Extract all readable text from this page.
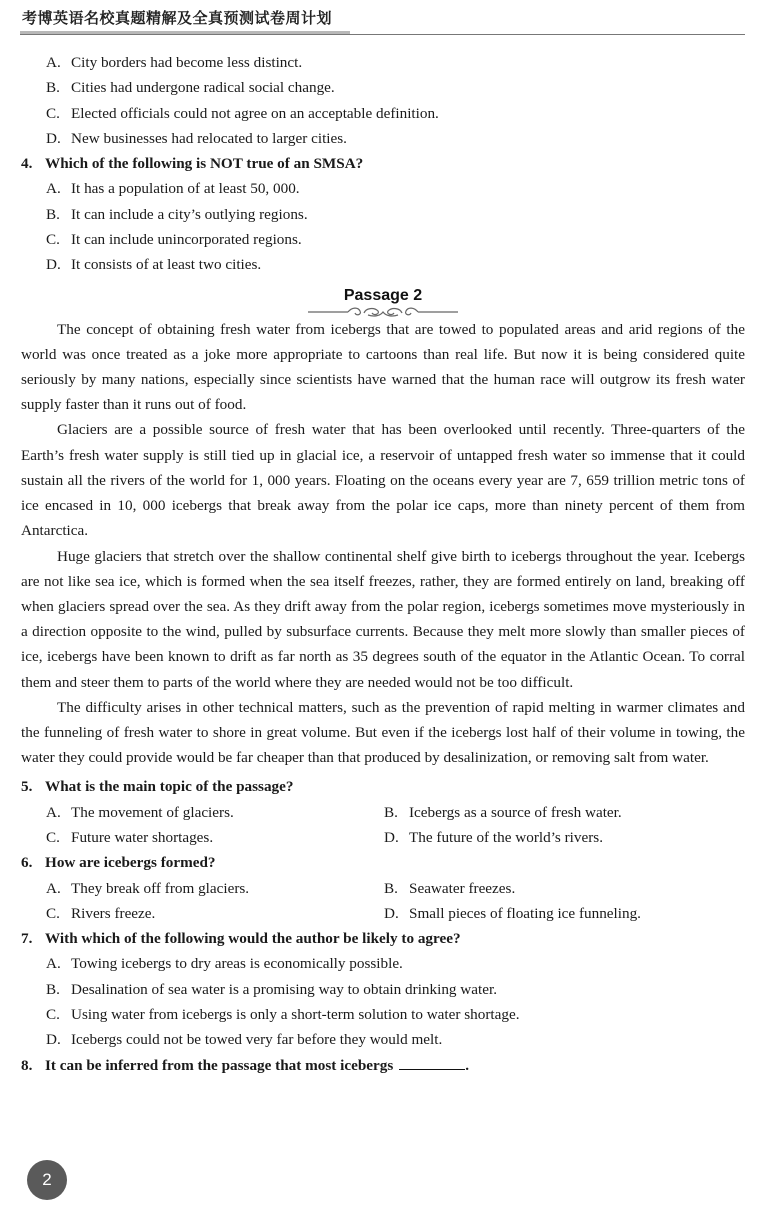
考博英语名校真题精解及全真预测试卷周计划
A. City borders had become less distinct.
B. Cities had undergone radical social change.
C. Elected officials could not agree on an acceptable definition.
D. New businesses had relocated to larger cities.
4. Which of the following is NOT true of an SMSA?
A. It has a population of at least 50, 000.
B. It can include a city’s outlying regions.
C. It can include unincorporated regions.
D. It consists of at least two cities.
Passage 2

The concept of obtaining fresh water from icebergs that are towed to populated areas and arid regions of the world was once treated as a joke more appropriate to cartoons than real life. But now it is being considered quite seriously by many nations, especially since scientists have warned that the human race will outgrow its fresh water supply faster than it runs out of food.

Glaciers are a possible source of fresh water that has been overlooked until recently. Three-quarters of the Earth’s fresh water supply is still tied up in glacial ice, a reservoir of untapped fresh water so immense that it could sustain all the rivers of the world for 1, 000 years. Floating on the oceans every year are 7, 659 trillion metric tons of ice encased in 10, 000 icebergs that break away from the polar ice caps, more than ninety percent of them from Antarctica.

Huge glaciers that stretch over the shallow continental shelf give birth to icebergs throughout the year. Icebergs are not like sea ice, which is formed when the sea itself freezes, rather, they are formed entirely on land, breaking off when glaciers spread over the sea. As they drift away from the polar region, icebergs sometimes move mysteriously in a direction opposite to the wind, pulled by subsurface currents. Because they melt more slowly than smaller pieces of ice, icebergs have been known to drift as far north as 35 degrees south of the equator in the Atlantic Ocean. To corral them and steer them to parts of the world where they are needed would not be too difficult.

The difficulty arises in other technical matters, such as the prevention of rapid melting in warmer climates and the funneling of fresh water to shore in great volume. But even if the icebergs lost half of their volume in towing, the water they could provide would be far cheaper than that produced by desalinization, or removing salt from water.

5. What is the main topic of the passage?
A. The movement of glaciers.	B. Icebergs as a source of fresh water.
C. Future water shortages.	D. The future of the world’s rivers.
6. How are icebergs formed?
A. They break off from glaciers.	B. Seawater freezes.
C. Rivers freeze.	D. Small pieces of floating ice funneling.
7. With which of the following would the author be likely to agree?
A. Towing icebergs to dry areas is economically possible.
B. Desalination of sea water is a promising way to obtain drinking water.
C. Using water from icebergs is only a short-term solution to water shortage.
D. Icebergs could not be towed very far before they would melt.
8. It can be inferred from the passage that most icebergs	.
2
